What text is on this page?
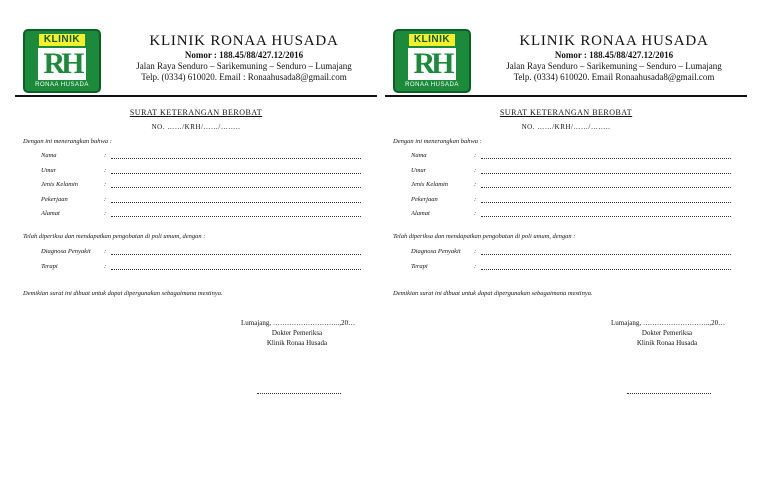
KLINIK
RH
RONAA HUSADA
KLINIK RONAA HUSADA
Nomor : 188.45/88/427.12/2016
Jalan Raya Senduro – Sarikemuning – Senduro – Lumajang
Telp. (0334) 610020. Email : Ronaahusada8@gmail.com
SURAT KETERANGAN BEROBAT
NO. ……/KRH/……/……..
Dengan ini menerangkan bahwa :
Nama	:
Umur	:
Jenis Kelamin	:
Pekerjaan	:
Alamat	:
Telah diperiksa dan mendapatkan pengobatan di poli umum, dengan :
Diagnosa Penyakit :
Terapi	:
Demikian surat ini dibuat untuk dapat dipergunakan sebagaimana mestinya.
Lumajang, ………………………..,20…
Dokter Pemeriksa
Klinik Ronaa Husada
KLINIK
RH
RONAA HUSADA
KLINIK RONAA HUSADA
Nomor : 188.45/88/427.12/2016
Jalan Raya Senduro – Sarikemuning – Senduro – Lumajang
Telp. (0334) 610020. Email Ronaahusada8@gmail.com
SURAT KETERANGAN BEROBAT
NO. ……/KRH/……/……..
Dengan ini menerangkan bahwa :
Nama	:
Umur	:
Jenis Kelamin	:
Pekerjaan	:
Alamat	:
Telah diperiksa dan mendapatkan pengobatan di poli umum, dengan :
Diagnosa Penyakit :
Terapi	:
Demikian surat ini dibuat untuk dapat dipergunakan sebagaimana mestinya.
Lumajang, ………………………..,20…
Dokter Pemeriksa
Klinik Ronaa Husada
